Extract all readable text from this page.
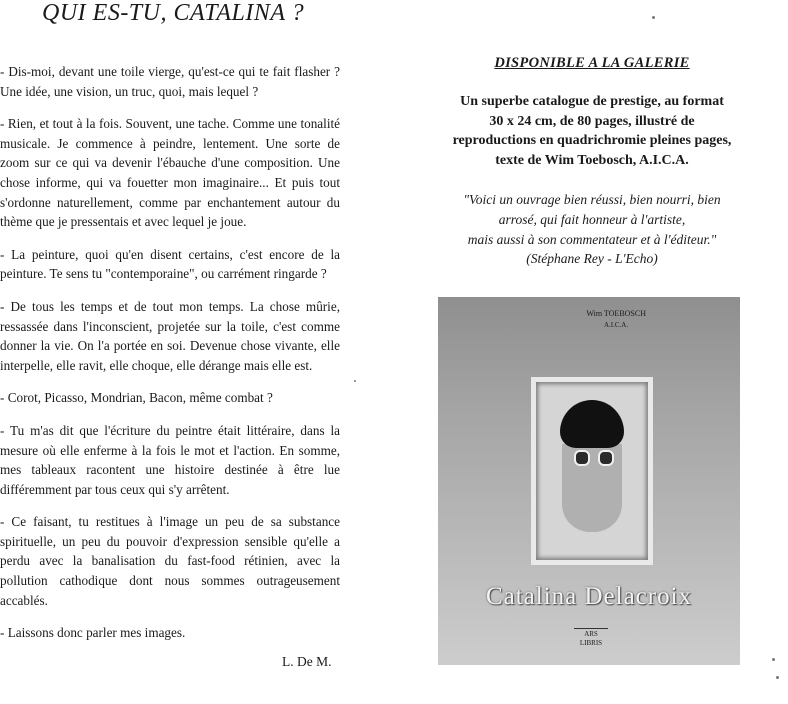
QUI ES-TU, CATALINA ?

- Dis-moi, devant une toile vierge, qu'est-ce qui te fait flasher ? Une idée, une vision, un truc, quoi, mais lequel ?

- Rien, et tout à la fois. Souvent, une tache. Comme une tonalité musicale. Je commence à peindre, lentement. Une sorte de zoom sur ce qui va devenir l'ébauche d'une composition. Une chose informe, qui va fouetter mon imaginaire... Et puis tout s'ordonne naturellement, comme par enchantement autour du thème que je pressentais et avec lequel je joue.

- La peinture, quoi qu'en disent certains, c'est encore de la peinture. Te sens tu "contemporaine", ou carrément ringarde ?

- De tous les temps et de tout mon temps. La chose mûrie, ressassée dans l'inconscient, projetée sur la toile, c'est comme donner la vie. On l'a portée en soi. Devenue chose vivante, elle interpelle, elle ravit, elle choque, elle dérange mais elle est.

- Corot, Picasso, Mondrian, Bacon, même combat ?

- Tu m'as dit que l'écriture du peintre était littéraire, dans la mesure où elle enferme à la fois le mot et l'action. En somme, mes tableaux racontent une histoire destinée à être lue différemment par tous ceux qui s'y arrêtent.

- Ce faisant, tu restitues à l'image un peu de sa substance spirituelle, un peu du pouvoir d'expression sensible qu'elle a perdu avec la banalisation du fast-food rétinien, avec la pollution cathodique dont nous sommes outrageusement accablés.

- Laissons donc parler mes images.

L. De M.
DISPONIBLE A LA GALERIE
Un superbe catalogue de prestige, au format
30 x 24 cm, de 80 pages, illustré de
reproductions en quadrichromie pleines pages,
texte de Wim Toebosch, A.I.C.A.
"Voici un ouvrage bien réussi, bien nourri, bien
arrosé, qui fait honneur à l'artiste,
mais aussi à son commentateur et à l'éditeur."
(Stéphane Rey - L'Echo)
Wim TOEBOSCH
A.I.C.A.
Catalina Delacroix
ARS
LIBRIS
